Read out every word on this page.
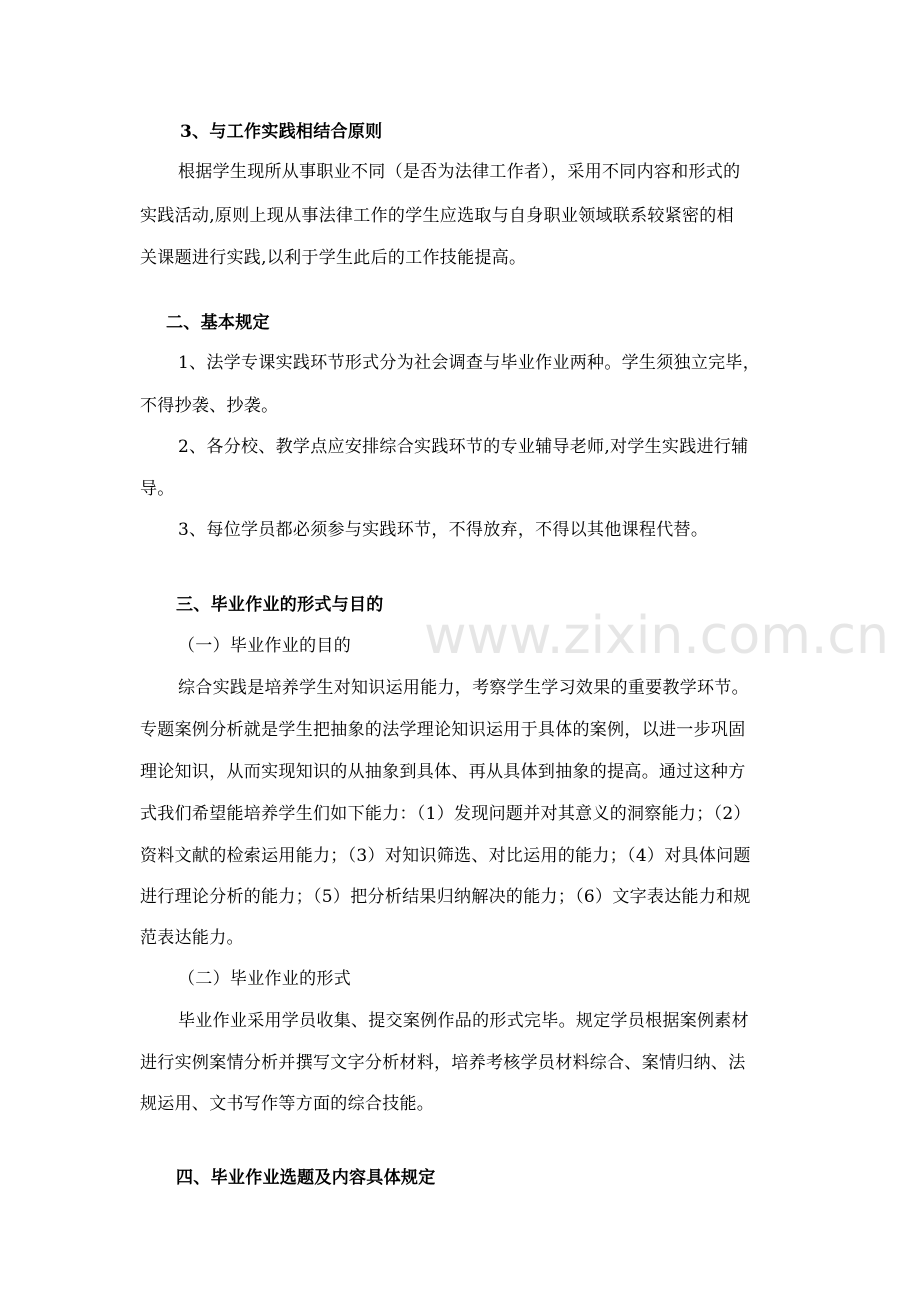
www.zixin.com.cn
3、与工作实践相结合原则
根据学生现所从事职业不同（是否为法律工作者），采用不同内容和形式的
实践活动,原则上现从事法律工作的学生应选取与自身职业领域联系较紧密的相
关课题进行实践,以利于学生此后的工作技能提高。
二、基本规定
1、法学专课实践环节形式分为社会调查与毕业作业两种。学生须独立完毕，
不得抄袭、抄袭。
2、各分校、教学点应安排综合实践环节的专业辅导老师,对学生实践进行辅
导。
3、每位学员都必须参与实践环节，不得放弃，不得以其他课程代替。
三、毕业作业的形式与目的
（一）毕业作业的目的
综合实践是培养学生对知识运用能力，考察学生学习效果的重要教学环节。
专题案例分析就是学生把抽象的法学理论知识运用于具体的案例，以进一步巩固
理论知识，从而实现知识的从抽象到具体、再从具体到抽象的提高。通过这种方
式我们希望能培养学生们如下能力：（1）发现问题并对其意义的洞察能力；（2）
资料文献的检索运用能力；（3）对知识筛选、对比运用的能力；（4）对具体问题
进行理论分析的能力；（5）把分析结果归纳解决的能力；（6）文字表达能力和规
范表达能力。
（二）毕业作业的形式
毕业作业采用学员收集、提交案例作品的形式完毕。规定学员根据案例素材
进行实例案情分析并撰写文字分析材料，培养考核学员材料综合、案情归纳、法
规运用、文书写作等方面的综合技能。
四、毕业作业选题及内容具体规定
